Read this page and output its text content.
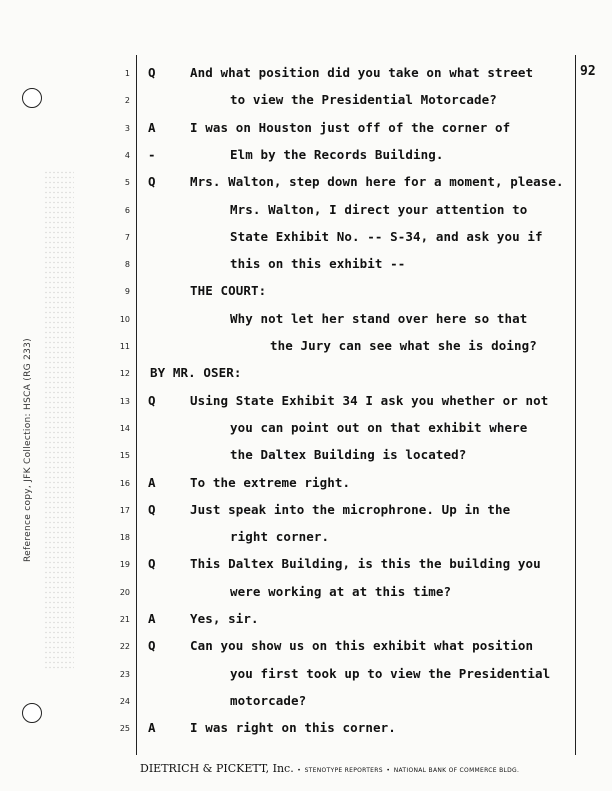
Reference copy, JFK Collection: HSCA (RG 233)
92
1 Q	And what position did you take on what street
2	to view the Presidential Motorcade?
3 A	I was on Houston just off of the corner of
4 -	Elm by the Records Building.
5 Q	Mrs. Walton, step down here for a moment, please.
6	Mrs. Walton, I direct your attention to
7	State Exhibit No. -- S-34, and ask you if
8	this on this exhibit --
9	THE COURT:
10	Why not let her stand over here so that
11	the Jury can see what she is doing?
12 BY MR. OSER:
13 Q	Using State Exhibit 34 I ask you whether or not
14	you can point out on that exhibit where
15	the Daltex Building is located?
16 A	To the extreme right.
17 Q	Just speak into the microphrone. Up in the
18	right corner.
19 Q	This Daltex Building, is this the building you
20	were working at at this time?
21 A	Yes, sir.
22 Q	Can you show us on this exhibit what position
23	you first took up to view the Presidential
24	motorcade?
25 A	I was right on this corner.
DIETRICH & PICKETT, Inc. • STENOTYPE REPORTERS • NATIONAL BANK OF COMMERCE BLDG.
